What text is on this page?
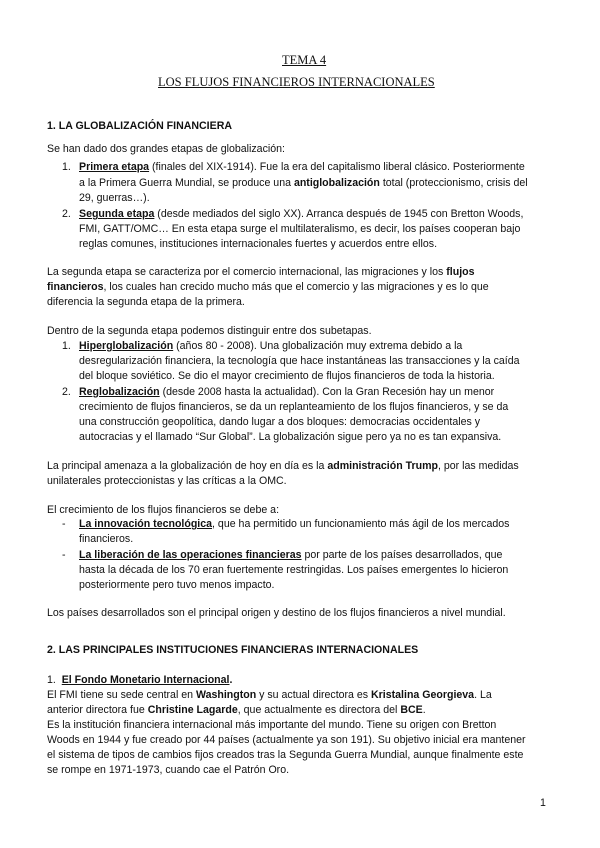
TEMA 4
LOS FLUJOS FINANCIEROS INTERNACIONALES
1. LA GLOBALIZACIÓN FINANCIERA
Se han dado dos grandes etapas de globalización:
1. Primera etapa (finales del XIX-1914). Fue la era del capitalismo liberal clásico. Posteriormente
a la Primera Guerra Mundial, se produce una antiglobalización total (proteccionismo, crisis del
29, guerras…).
2. Segunda etapa (desde mediados del siglo XX). Arranca después de 1945 con Bretton Woods,
FMI, GATT/OMC… En esta etapa surge el multilateralismo, es decir, los países cooperan bajo
reglas comunes, instituciones internacionales fuertes y acuerdos entre ellos.
La segunda etapa se caracteriza por el comercio internacional, las migraciones y los flujos
financieros, los cuales han crecido mucho más que el comercio y las migraciones y es lo que
diferencia la segunda etapa de la primera.
Dentro de la segunda etapa podemos distinguir entre dos subetapas.
1. Hiperglobalización (años 80 - 2008). Una globalización muy extrema debido a la
desregularización financiera, la tecnología que hace instantáneas las transacciones y la caída
del bloque soviético. Se dio el mayor crecimiento de flujos financieros de toda la historia.
2. Reglobalización (desde 2008 hasta la actualidad). Con la Gran Recesión hay un menor
crecimiento de flujos financieros, se da un replanteamiento de los flujos financieros, y se da
una construcción geopolítica, dando lugar a dos bloques: democracias occidentales y
autocracias y el llamado “Sur Global”. La globalización sigue pero ya no es tan expansiva.
La principal amenaza a la globalización de hoy en día es la administración Trump, por las medidas
unilaterales proteccionistas y las críticas a la OMC.
El crecimiento de los flujos financieros se debe a:
- La innovación tecnológica, que ha permitido un funcionamiento más ágil de los mercados
financieros.
- La liberación de las operaciones financieras por parte de los países desarrollados, que
hasta la década de los 70 eran fuertemente restringidas. Los países emergentes lo hicieron
posteriormente pero tuvo menos impacto.
Los países desarrollados son el principal origen y destino de los flujos financieros a nivel mundial.
2. LAS PRINCIPALES INSTITUCIONES FINANCIERAS INTERNACIONALES
1. El Fondo Monetario Internacional.
El FMI tiene su sede central en Washington y su actual directora es Kristalina Georgieva. La
anterior directora fue Christine Lagarde, que actualmente es directora del BCE.
Es la institución financiera internacional más importante del mundo. Tiene su origen con Bretton
Woods en 1944 y fue creado por 44 países (actualmente ya son 191). Su objetivo inicial era mantener
el sistema de tipos de cambios fijos creados tras la Segunda Guerra Mundial, aunque finalmente este
se rompe en 1971-1973, cuando cae el Patrón Oro.
1
